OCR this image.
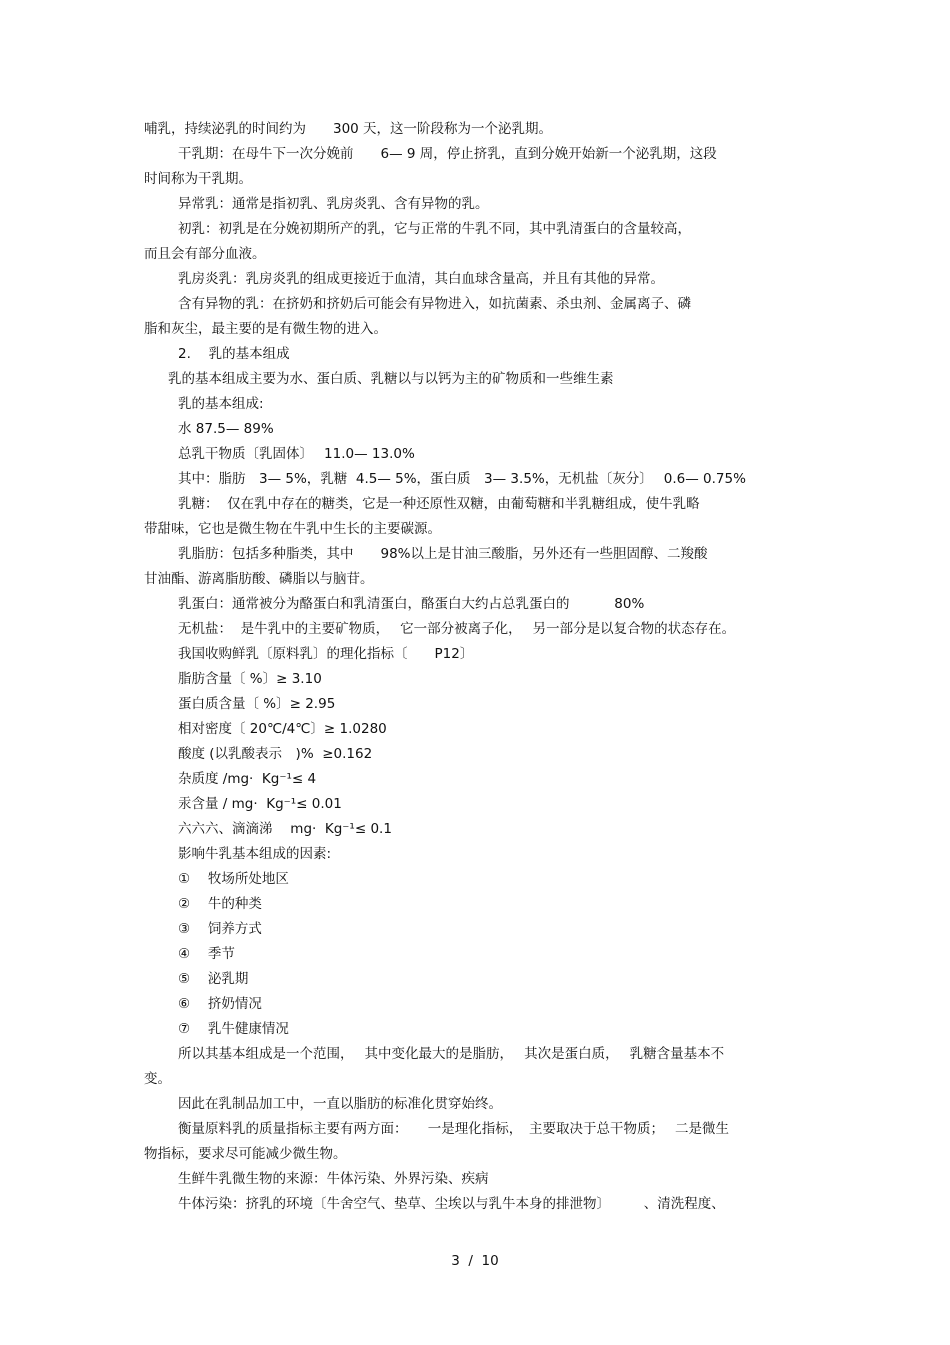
哺乳，持续泌乳的时间约为　　300 天，这一阶段称为一个泌乳期。
干乳期：在母牛下一次分娩前　　6— 9 周，停止挤乳，直到分娩开始新一个泌乳期，这段
时间称为干乳期。
异常乳：通常是指初乳、乳房炎乳、含有异物的乳。
初乳：初乳是在分娩初期所产的乳，它与正常的牛乳不同，其中乳清蛋白的含量较高，
而且会有部分血液。
乳房炎乳：乳房炎乳的组成更接近于血清，其白血球含量高，并且有其他的异常。
含有异物的乳：在挤奶和挤奶后可能会有异物进入，如抗菌素、杀虫剂、金属离子、磷
脂和灰尘，最主要的是有微生物的进入。
2.　 乳的基本组成
乳的基本组成主要为水、蛋白质、乳糖以与以钙为主的矿物质和一些维生素
乳的基本组成:
水 87.5— 89%
总乳干物质〔乳固体〕　 11.0— 13.0%
其中：脂肪　3— 5%，乳糖  4.5— 5%，蛋白质　3— 3.5%，无机盐〔灰分〕　 0.6— 0.75%
乳糖：  仅在乳中存在的糖类，它是一种还原性双糖，由葡萄糖和半乳糖组成，使牛乳略
带甜味，它也是微生物在牛乳中生长的主要碳源。
乳脂肪：包括多种脂类，其中　　98%以上是甘油三酸脂，另外还有一些胆固醇、二羧酸
甘油酯、游离脂肪酸、磷脂以与脑苷。
乳蛋白：通常被分为酪蛋白和乳清蛋白，酪蛋白大约占总乳蛋白的　　　 80%
无机盐：  是牛乳中的主要矿物质，　 它一部分被离子化，　 另一部分是以复合物的状态存在。
我国收购鲜乳〔原料乳〕的理化指标〔　　P12〕
脂肪含量〔 %〕≥ 3.10
蛋白质含量〔 %〕≥ 2.95
相对密度〔 20℃/4℃〕≥ 1.0280
酸度 (以乳酸表示　)%  ≥0.162
杂质度 /mg·  Kg⁻¹≤ 4
汞含量 / mg·  Kg⁻¹≤ 0.01
六六六、滴滴涕　 mg·  Kg⁻¹≤ 0.1
影响牛乳基本组成的因素:
①　 牧场所处地区
②　 牛的种类
③　 饲养方式
④　 季节
⑤　 泌乳期
⑥　 挤奶情况
⑦　 乳牛健康情况
所以其基本组成是一个范围，　 其中变化最大的是脂肪，　 其次是蛋白质，　 乳糖含量基本不
变。
因此在乳制品加工中，一直以脂肪的标准化贯穿始终。
衡量原料乳的质量指标主要有两方面：　　一是理化指标，　主要取决于总干物质；　 二是微生
物指标，要求尽可能减少微生物。
生鲜牛乳微生物的来源：牛体污染、外界污染、疾病
牛体污染：挤乳的环境〔牛舍空气、垫草、尘埃以与乳牛本身的排泄物〕　　　、清洗程度、
3  /  10
